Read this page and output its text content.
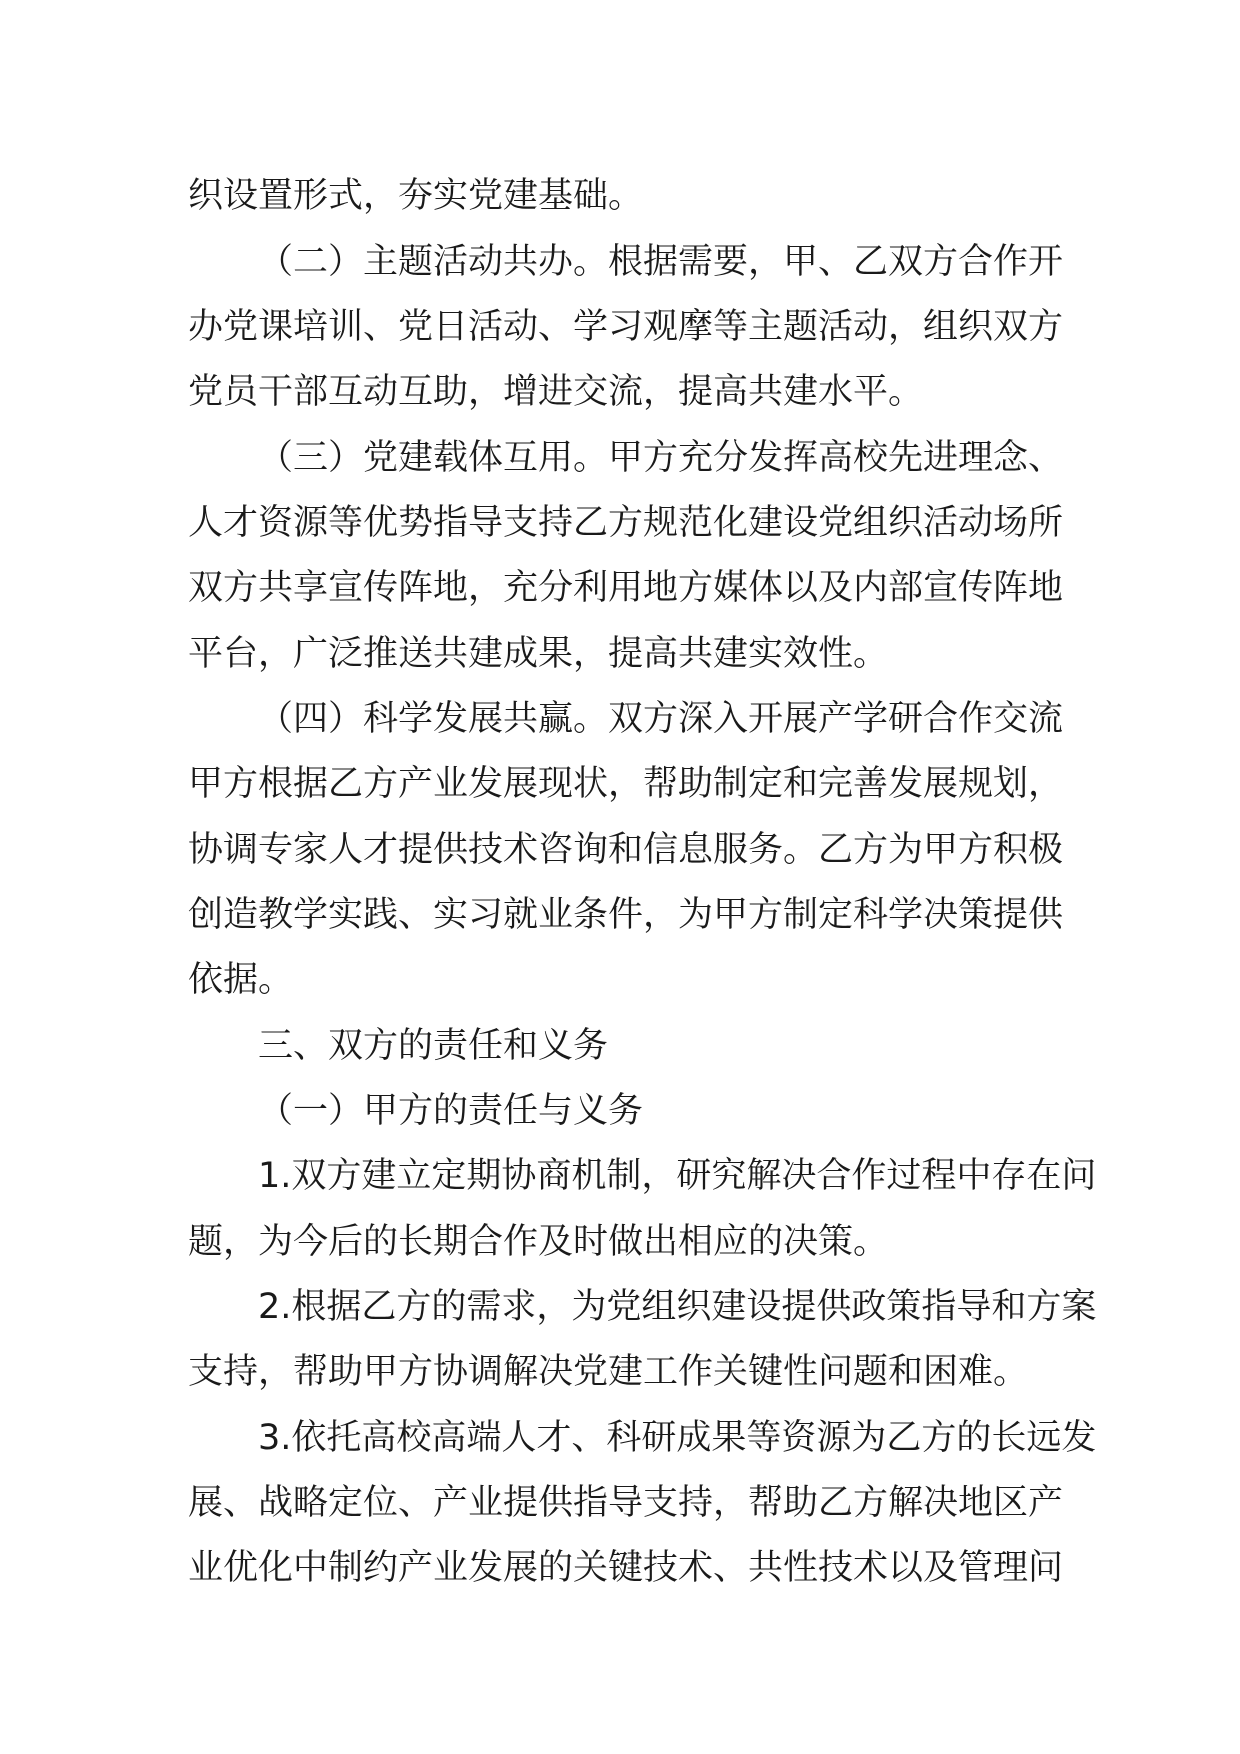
织设置形式，夯实党建基础。

（二）主题活动共办。根据需要，甲、乙双方合作开

办党课培训、党日活动、学习观摩等主题活动，组织双方

党员干部互动互助，增进交流，提高共建水平。

（三）党建载体互用。甲方充分发挥高校先进理念、

人才资源等优势指导支持乙方规范化建设党组织活动场所

双方共享宣传阵地，充分利用地方媒体以及内部宣传阵地

平台，广泛推送共建成果，提高共建实效性。

（四）科学发展共赢。双方深入开展产学研合作交流

甲方根据乙方产业发展现状，帮助制定和完善发展规划，

协调专家人才提供技术咨询和信息服务。乙方为甲方积极

创造教学实践、实习就业条件，为甲方制定科学决策提供

依据。

三、双方的责任和义务

（一）甲方的责任与义务

1.双方建立定期协商机制，研究解决合作过程中存在问

题，为今后的长期合作及时做出相应的决策。

2.根据乙方的需求，为党组织建设提供政策指导和方案

支持，帮助甲方协调解决党建工作关键性问题和困难。

3.依托高校高端人才、科研成果等资源为乙方的长远发

展、战略定位、产业提供指导支持，帮助乙方解决地区产

业优化中制约产业发展的关键技术、共性技术以及管理问
